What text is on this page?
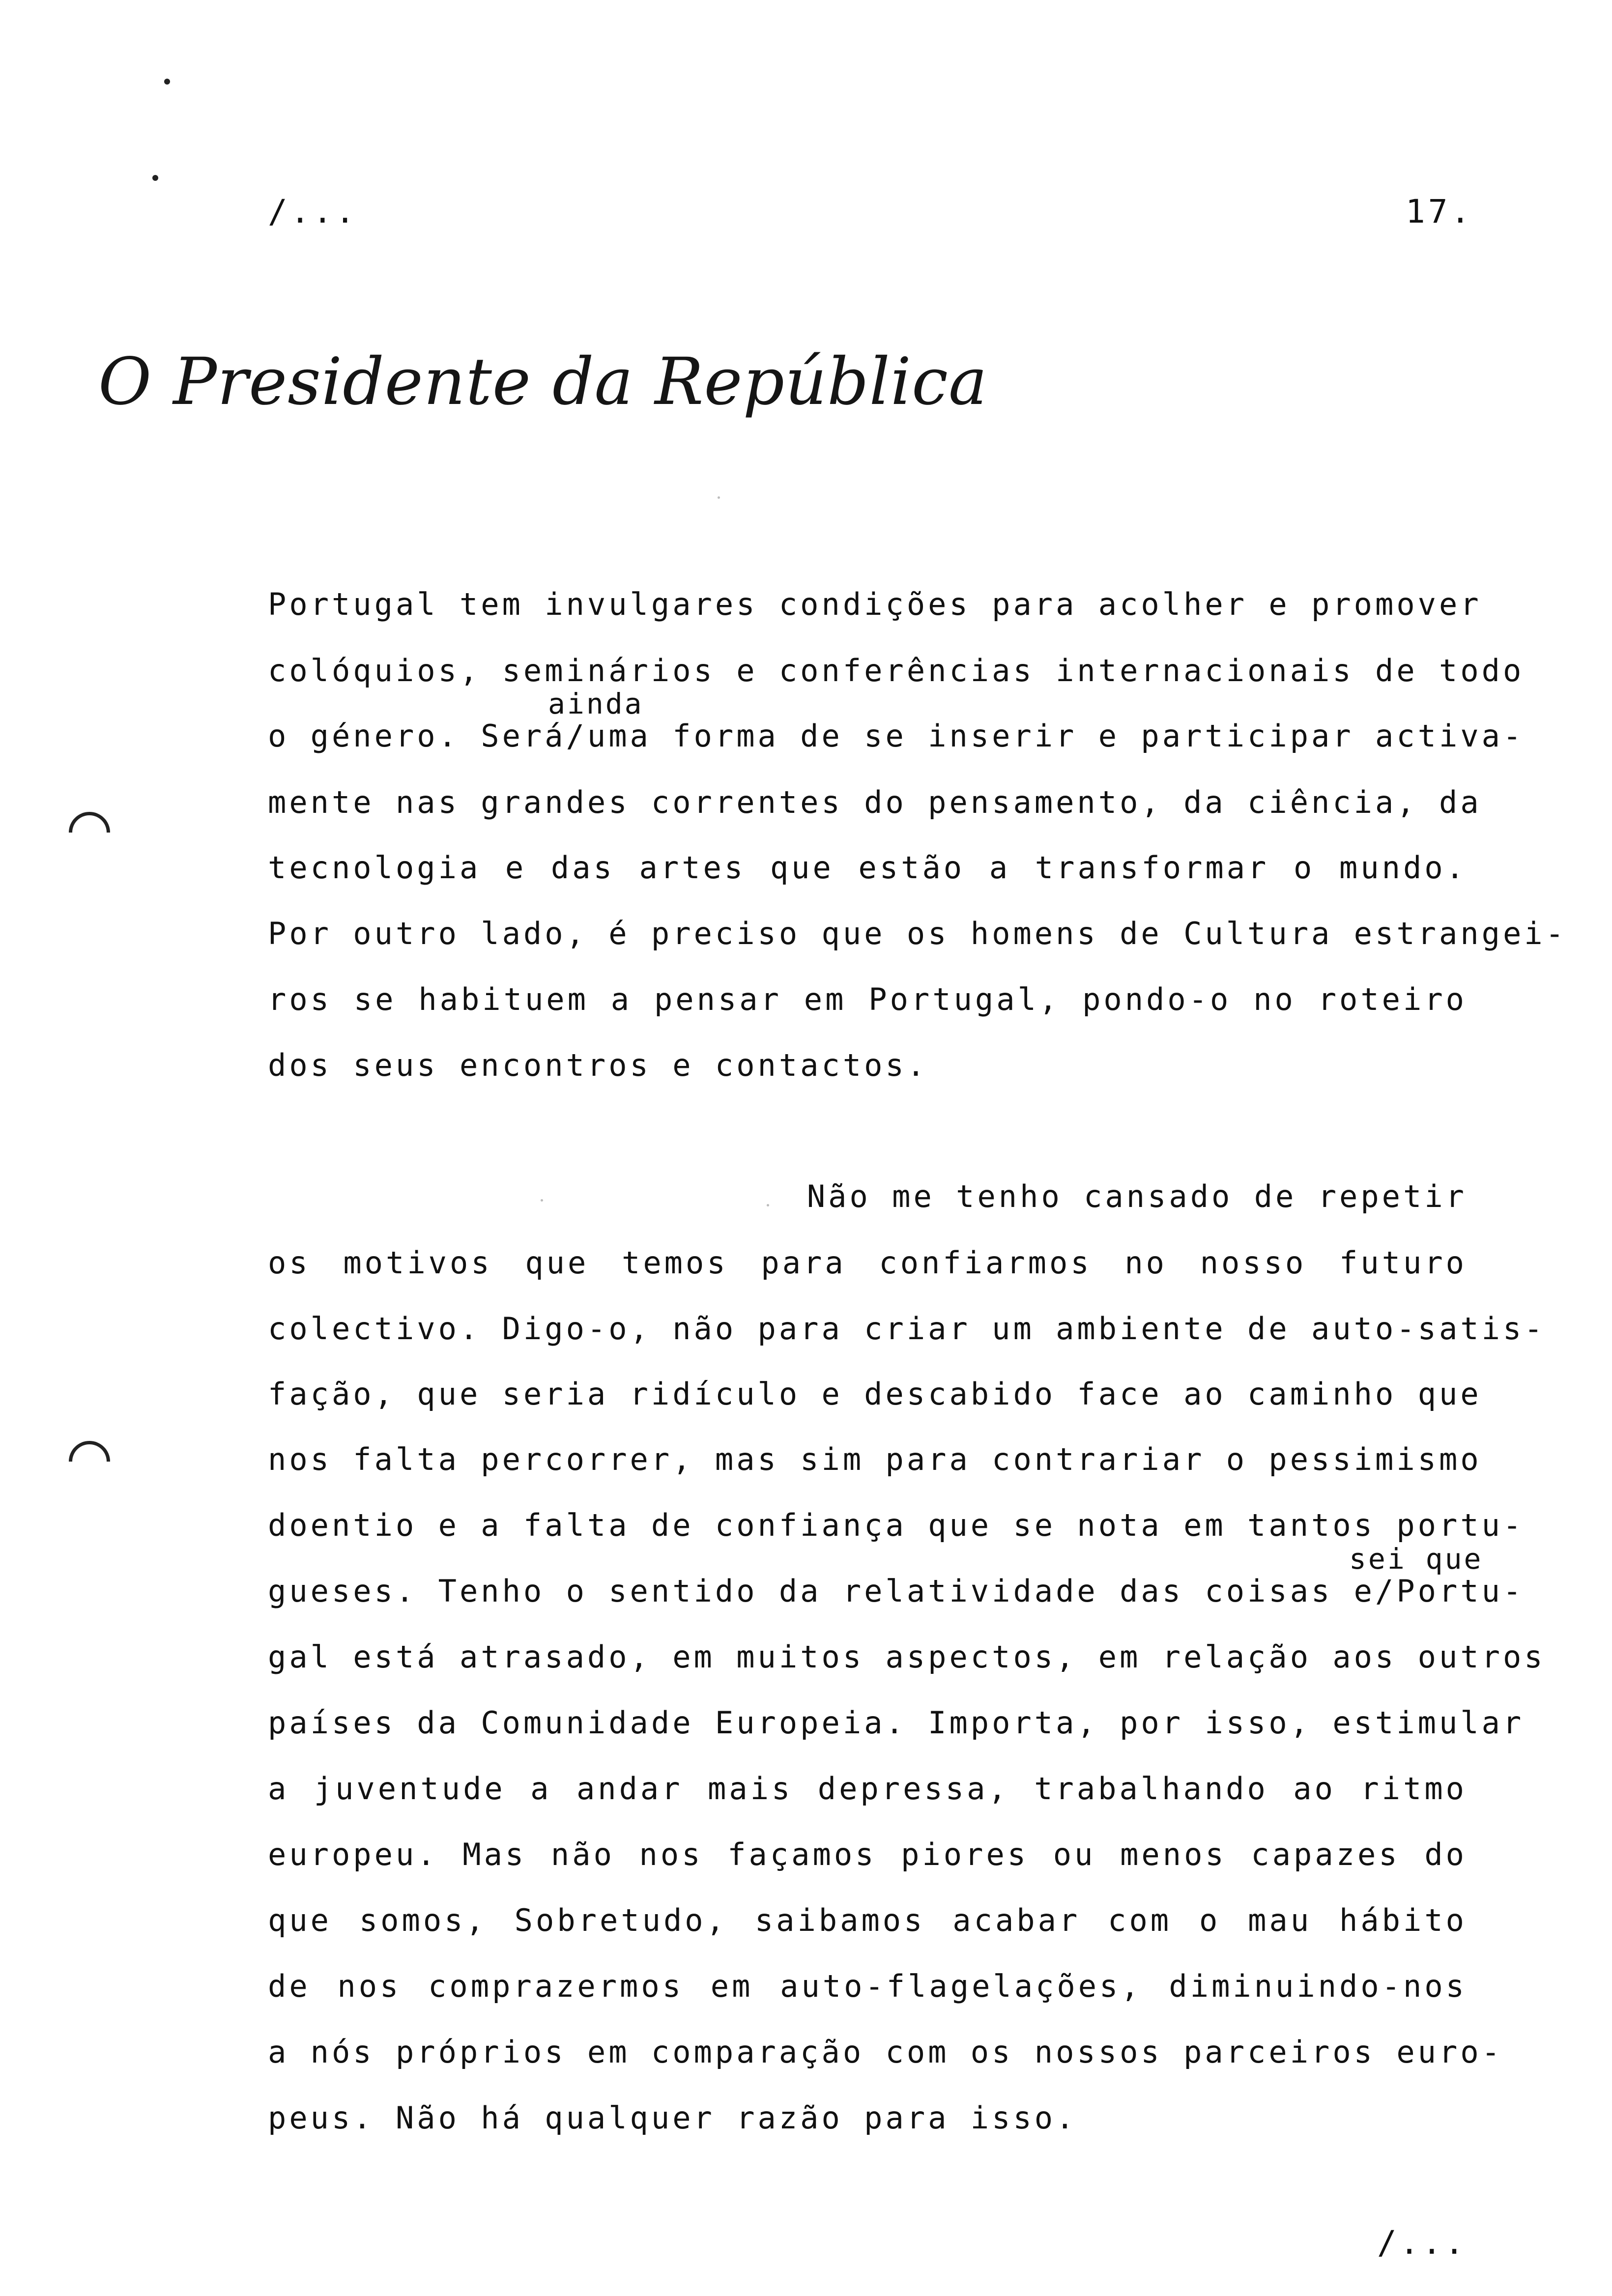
/...	17.
O Presidente da República
ainda
Portugal tem invulgares condições para acolher e promover
colóquios, seminários e conferências internacionais de todo
o género. Será/uma forma de se inserir e participar activa-
mente nas grandes correntes do pensamento, da ciência, da
tecnologia e das artes que estão a transformar o mundo.
Por outro lado, é preciso que os homens de Cultura estrangei-
ros se habituem a pensar em Portugal, pondo-o no roteiro
dos seus encontros e contactos.
Não me tenho cansado de repetir
os motivos que temos para confiarmos no nosso futuro
colectivo. Digo-o, não para criar um ambiente de auto-satis-
fação, que seria ridículo e descabido face ao caminho que
nos falta percorrer, mas sim para contrariar o pessimismo
doentio e a falta de confiança que se nota em tantos portu-
sei que
gueses. Tenho o sentido da relatividade das coisas e/Portu-
gal está atrasado, em muitos aspectos, em relação aos outros
países da Comunidade Europeia. Importa, por isso, estimular
a juventude a andar mais depressa, trabalhando ao ritmo
europeu. Mas não nos façamos piores ou menos capazes do
que somos, Sobretudo, saibamos acabar com o mau hábito
de nos comprazermos em auto-flagelações, diminuindo-nos
a nós próprios em comparação com os nossos parceiros euro-
peus. Não há qualquer razão para isso.
/...
